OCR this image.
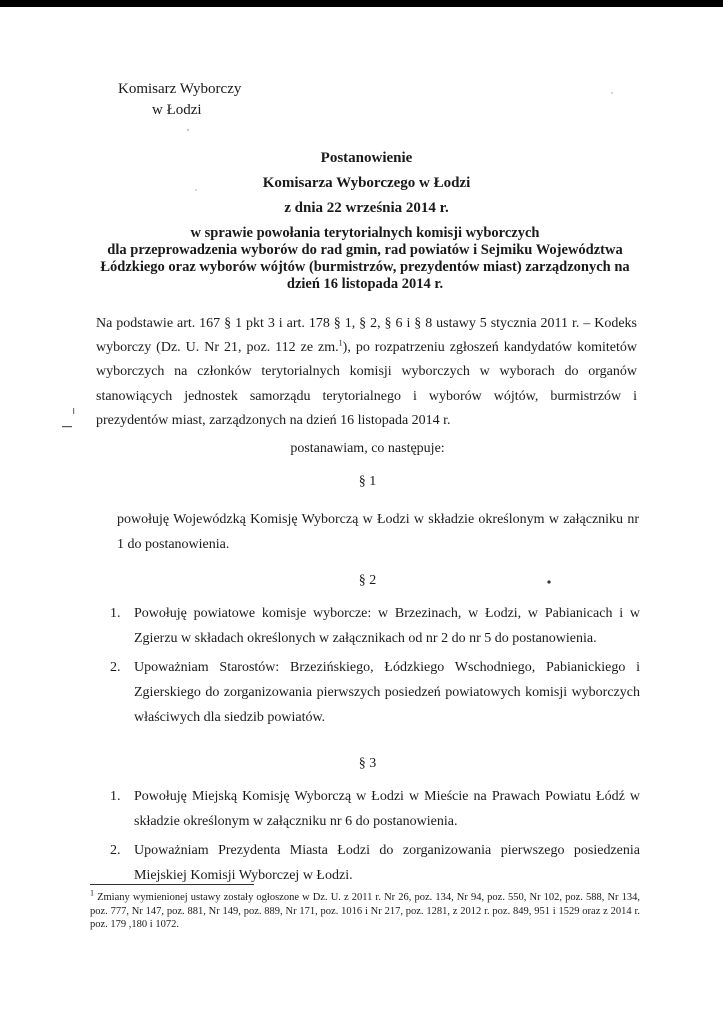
Komisarz Wyborczy
w Łodzi
Postanowienie
Komisarza Wyborczego w Łodzi
z dnia 22 września 2014 r.
w sprawie powołania terytorialnych komisji wyborczych
dla przeprowadzenia wyborów do rad gmin, rad powiatów i Sejmiku Województwa
Łódzkiego oraz wyborów wójtów (burmistrzów, prezydentów miast) zarządzonych na
dzień 16 listopada 2014 r.
Na podstawie art. 167 § 1 pkt 3 i art. 178 § 1, § 2, § 6 i § 8 ustawy 5 stycznia 2011 r. – Kodeks wyborczy (Dz. U. Nr 21, poz. 112 ze zm.$^1$), po rozpatrzeniu zgłoszeń kandydatów komitetów wyborczych na członków terytorialnych komisji wyborczych w wyborach do organów stanowiących jednostek samorządu terytorialnego i wyborów wójtów, burmistrzów i prezydentów miast, zarządzonych na dzień 16 listopada 2014 r.
postanawiam, co następuje:
§ 1
powołuję Wojewódzką Komisję Wyborczą w Łodzi w składzie określonym w załączniku nr 1 do postanowienia.
§ 2
1. Powołuję powiatowe komisje wyborcze: w Brzezinach, w Łodzi, w Pabianicach i w Zgierzu w składach określonych w załącznikach od nr 2 do nr 5 do postanowienia.
2. Upoważniam Starostów: Brzezińskiego, Łódzkiego Wschodniego, Pabianickiego i Zgierskiego do zorganizowania pierwszych posiedzeń powiatowych komisji wyborczych właściwych dla siedzib powiatów.
§ 3
1. Powołuję Miejską Komisję Wyborczą w Łodzi w Mieście na Prawach Powiatu Łódź w składzie określonym w załączniku nr 6 do postanowienia.
2. Upoważniam Prezydenta Miasta Łodzi do zorganizowania pierwszego posiedzenia Miejskiej Komisji Wyborczej w Łodzi.
$^1$ Zmiany wymienionej ustawy zostały ogłoszone w Dz. U. z 2011 r. Nr 26, poz. 134, Nr 94, poz. 550, Nr 102, poz. 588, Nr 134, poz. 777, Nr 147, poz. 881, Nr 149, poz. 889, Nr 171, poz. 1016 i Nr 217, poz. 1281, z 2012 r. poz. 849, 951 i 1529 oraz z 2014 r. poz. 179 ,180 i 1072.
